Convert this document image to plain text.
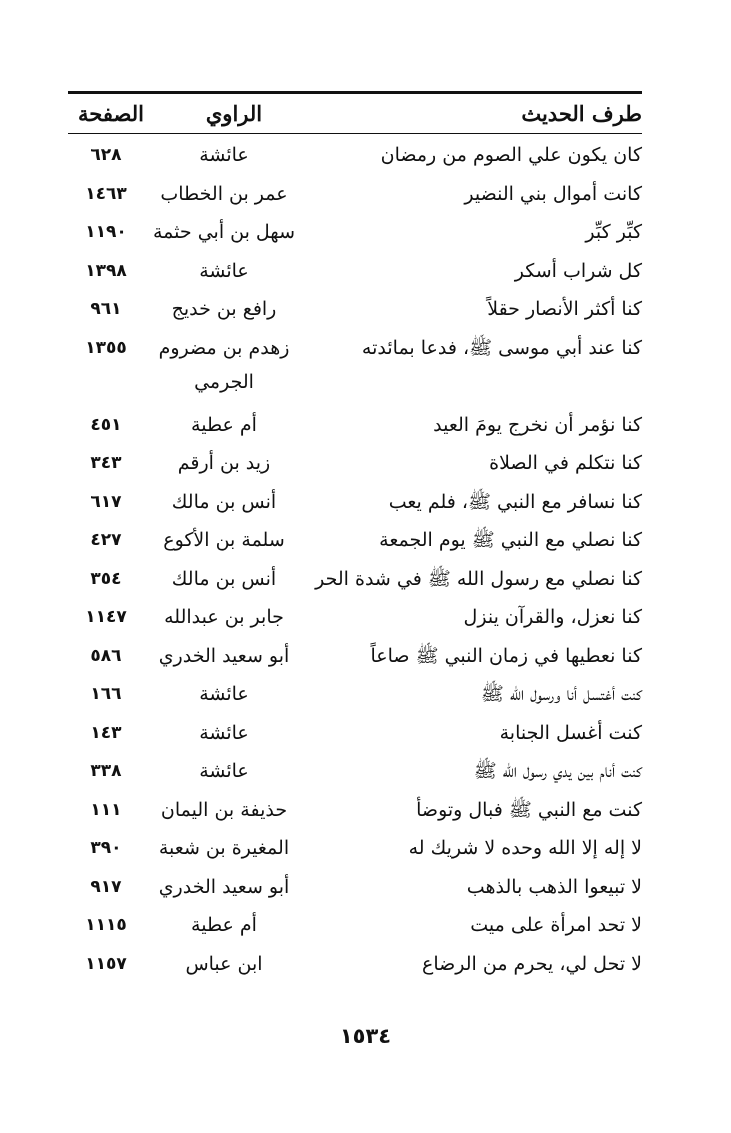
طرف الحديث
الراوي
الصفحة
كان يكون علي الصوم من رمضان
عائشة
٦٢٨
كانت أموال بني النضير
عمر بن الخطاب
١٤٦٣
كبِّر كبِّر
سهل بن أبي حثمة
١١٩٠
كل شراب أسكر
عائشة
١٣٩٨
كنا أكثر الأنصار حقلاً
رافع بن خديج
٩٦١
كنا عند أبي موسى ﷺ، فدعا بمائدته
زهدم بن مضروم الجرمي
١٣٥٥
كنا نؤمر أن نخرج يومَ العيد
أم عطية
٤٥١
كنا نتكلم في الصلاة
زيد بن أرقم
٣٤٣
كنا نسافر مع النبي ﷺ، فلم يعب
أنس بن مالك
٦١٧
كنا نصلي مع النبي ﷺ يوم الجمعة
سلمة بن الأكوع
٤٢٧
كنا نصلي مع رسول الله ﷺ في شدة الحر
أنس بن مالك
٣٥٤
كنا نعزل، والقرآن ينزل
جابر بن عبدالله
١١٤٧
كنا نعطيها في زمان النبي ﷺ صاعاً
أبو سعيد الخدري
٥٨٦
كنت أغتسل أنا ورسول الله ﷺ
عائشة
١٦٦
كنت أغسل الجنابة
عائشة
١٤٣
كنت أنام بين يدي رسول الله ﷺ
عائشة
٣٣٨
كنت مع النبي ﷺ فبال وتوضأ
حذيفة بن اليمان
١١١
لا إله إلا الله وحده لا شريك له
المغيرة بن شعبة
٣٩٠
لا تبيعوا الذهب بالذهب
أبو سعيد الخدري
٩١٧
لا تحد امرأة على ميت
أم عطية
١١١٥
لا تحل لي، يحرم من الرضاع
ابن عباس
١١٥٧
١٥٣٤
